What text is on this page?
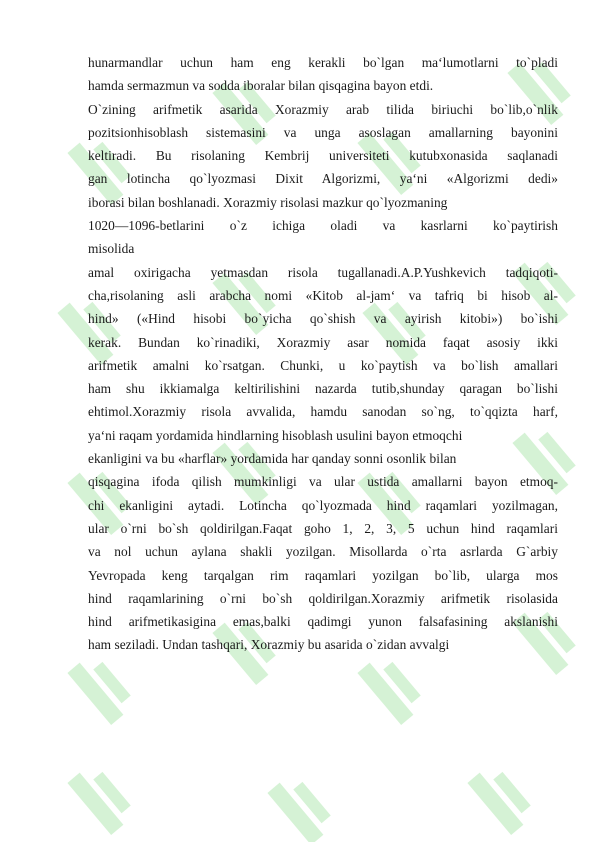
hunarmandlar uchun ham eng kerakli bo`lgan ma‘lumotlarni to`pladi
hamda sermazmun va sodda iboralar bilan qisqagina bayon etdi.
O`zining arifmetik asarida Xorazmiy arab tilida biriuchi bo`lib,o`nlik
pozitsionhisoblash sistemasini va unga asoslagan amallarning bayonini
keltiradi. Bu risolaning Kembrij universiteti kutubxonasida saqlanadi
gan lotincha qo`lyozmasi Dixit Algorizmi, ya‘ni «Algorizmi dedi»
iborasi bilan boshlanadi. Xorazmiy risolasi mazkur qo`lyozmaning
1020—1096-betlarini o`z ichiga oladi va kasrlarni ko`paytirish
misolida
amal oxirigacha yetmasdan risola tugallanadi.A.P.Yushkevich tadqiqoti-
cha,risolaning asli arabcha nomi «Kitob al-jam‘ va tafriq bi hisob al-
hind» («Hind hisobi bo`yicha qo`shish va ayirish kitobi») bo`ishi
kerak. Bundan ko`rinadiki, Xorazmiy asar nomida faqat asosiy ikki
arifmetik amalni ko`rsatgan. Chunki, u ko`paytish va bo`lish amallari
ham shu ikkiamalga keltirilishini nazarda tutib,shunday qaragan bo`lishi
ehtimol.Xorazmiy risola avvalida, hamdu sanodan so`ng, to`qqizta harf,
ya‘ni raqam yordamida hindlarning hisoblash usulini bayon etmoqchi
ekanligini va bu «harflar» yordamida har qanday sonni osonlik bilan
qisqagina ifoda qilish mumkinligi va ular ustida amallarni bayon etmoq-
chi ekanligini aytadi. Lotincha qo`lyozmada hind raqamlari yozilmagan,
ular o`rni bo`sh qoldirilgan.Faqat goho 1, 2, 3, 5 uchun hind raqamlari
va nol uchun aylana shakli yozilgan. Misollarda o`rta asrlarda G`arbiy
Yevropada keng tarqalgan rim raqamlari yozilgan bo`lib, ularga mos
hind raqamlarining o`rni bo`sh qoldirilgan.Xorazmiy arifmetik risolasida
hind arifmetikasigina emas,balki qadimgi yunon falsafasining akslanishi
ham seziladi. Undan tashqari, Xorazmiy bu asarida o`zidan avvalgi
